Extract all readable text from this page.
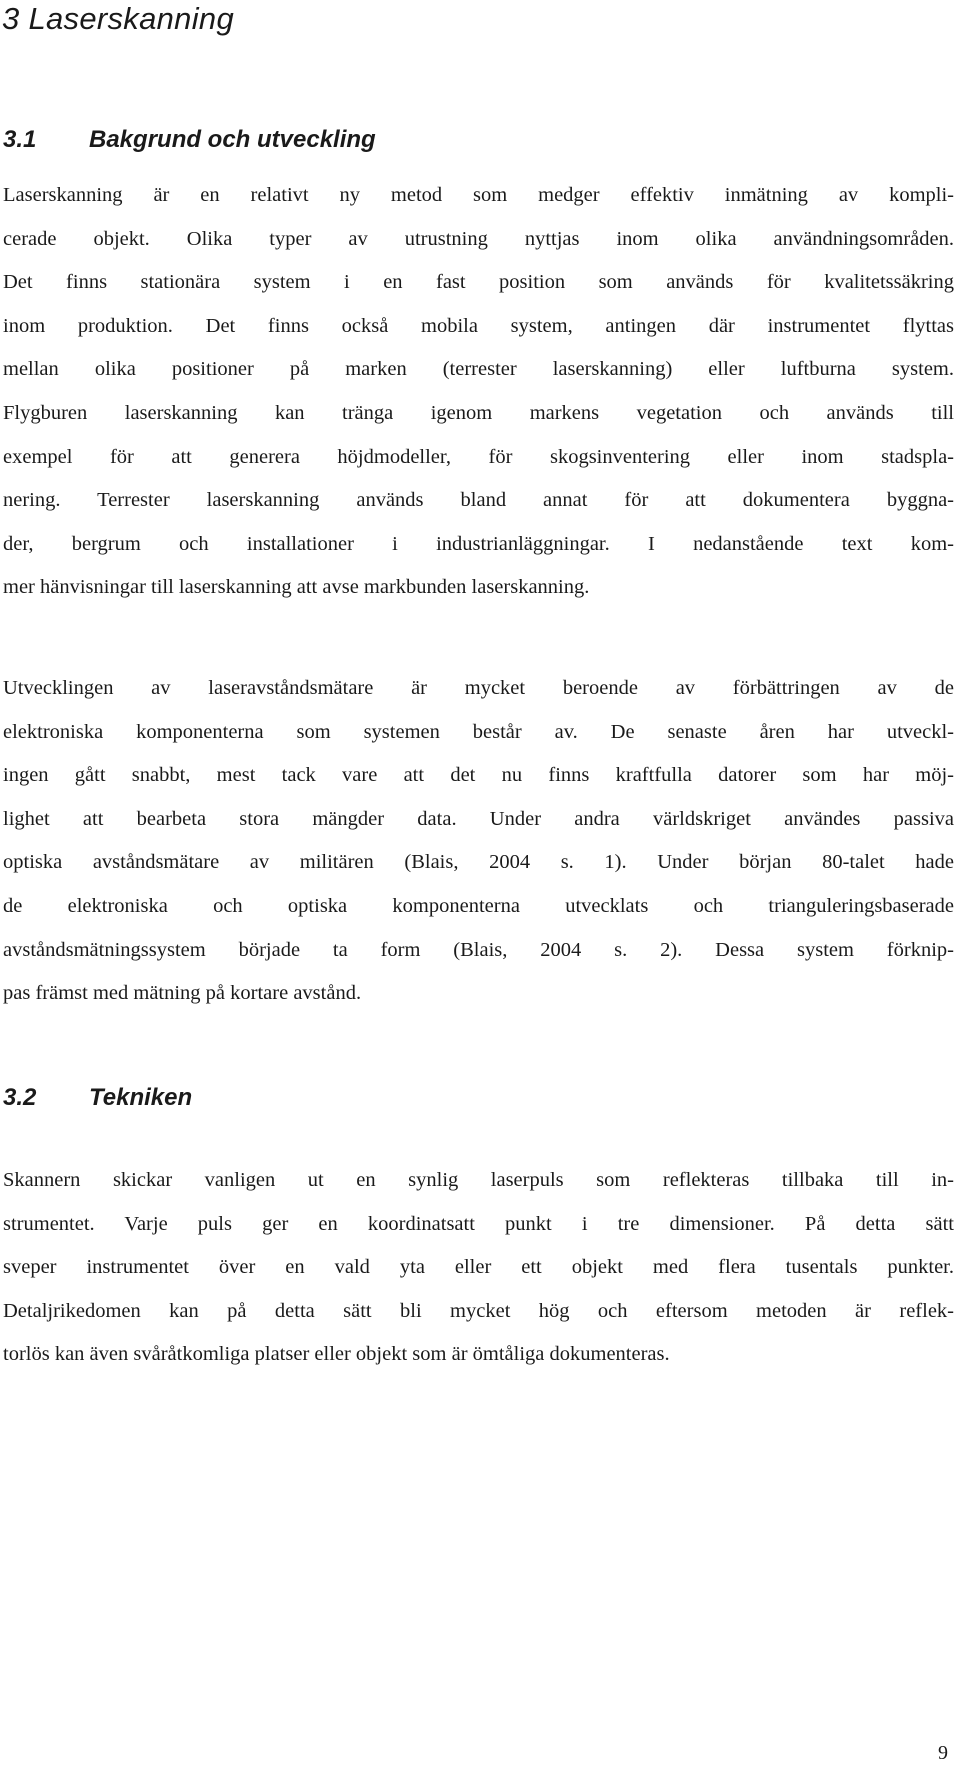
3 Laserskanning
3.1 Bakgrund och utveckling
Laserskanning är en relativt ny metod som medger effektiv inmätning av kompli-
cerade objekt. Olika typer av utrustning nyttjas inom olika användningsområden.
Det finns stationära system i en fast position som används för kvalitetssäkring
inom produktion. Det finns också mobila system, antingen där instrumentet flyttas
mellan olika positioner på marken (terrester laserskanning) eller luftburna system.
Flygburen laserskanning kan tränga igenom markens vegetation och används till
exempel för att generera höjdmodeller, för skogsinventering eller inom stadspla-
nering. Terrester laserskanning används bland annat för att dokumentera byggna-
der, bergrum och installationer i industrianläggningar. I nedanstående text kom-
mer hänvisningar till laserskanning att avse markbunden laserskanning.
Utvecklingen av laseravståndsmätare är mycket beroende av förbättringen av de
elektroniska komponenterna som systemen består av. De senaste åren har utveckl-
ingen gått snabbt, mest tack vare att det nu finns kraftfulla datorer som har möj-
lighet att bearbeta stora mängder data. Under andra världskriget användes passiva
optiska avståndsmätare av militären (Blais, 2004 s. 1). Under början 80-talet hade
de elektroniska och optiska komponenterna utvecklats och trianguleringsbaserade
avståndsmätningssystem började ta form (Blais, 2004 s. 2). Dessa system förknip-
pas främst med mätning på kortare avstånd.
3.2 Tekniken
Skannern skickar vanligen ut en synlig laserpuls som reflekteras tillbaka till in-
strumentet. Varje puls ger en koordinatsatt punkt i tre dimensioner. På detta sätt
sveper instrumentet över en vald yta eller ett objekt med flera tusentals punkter.
Detaljrikedomen kan på detta sätt bli mycket hög och eftersom metoden är reflek-
torlös kan även svåråtkomliga platser eller objekt som är ömtåliga dokumenteras.

9
